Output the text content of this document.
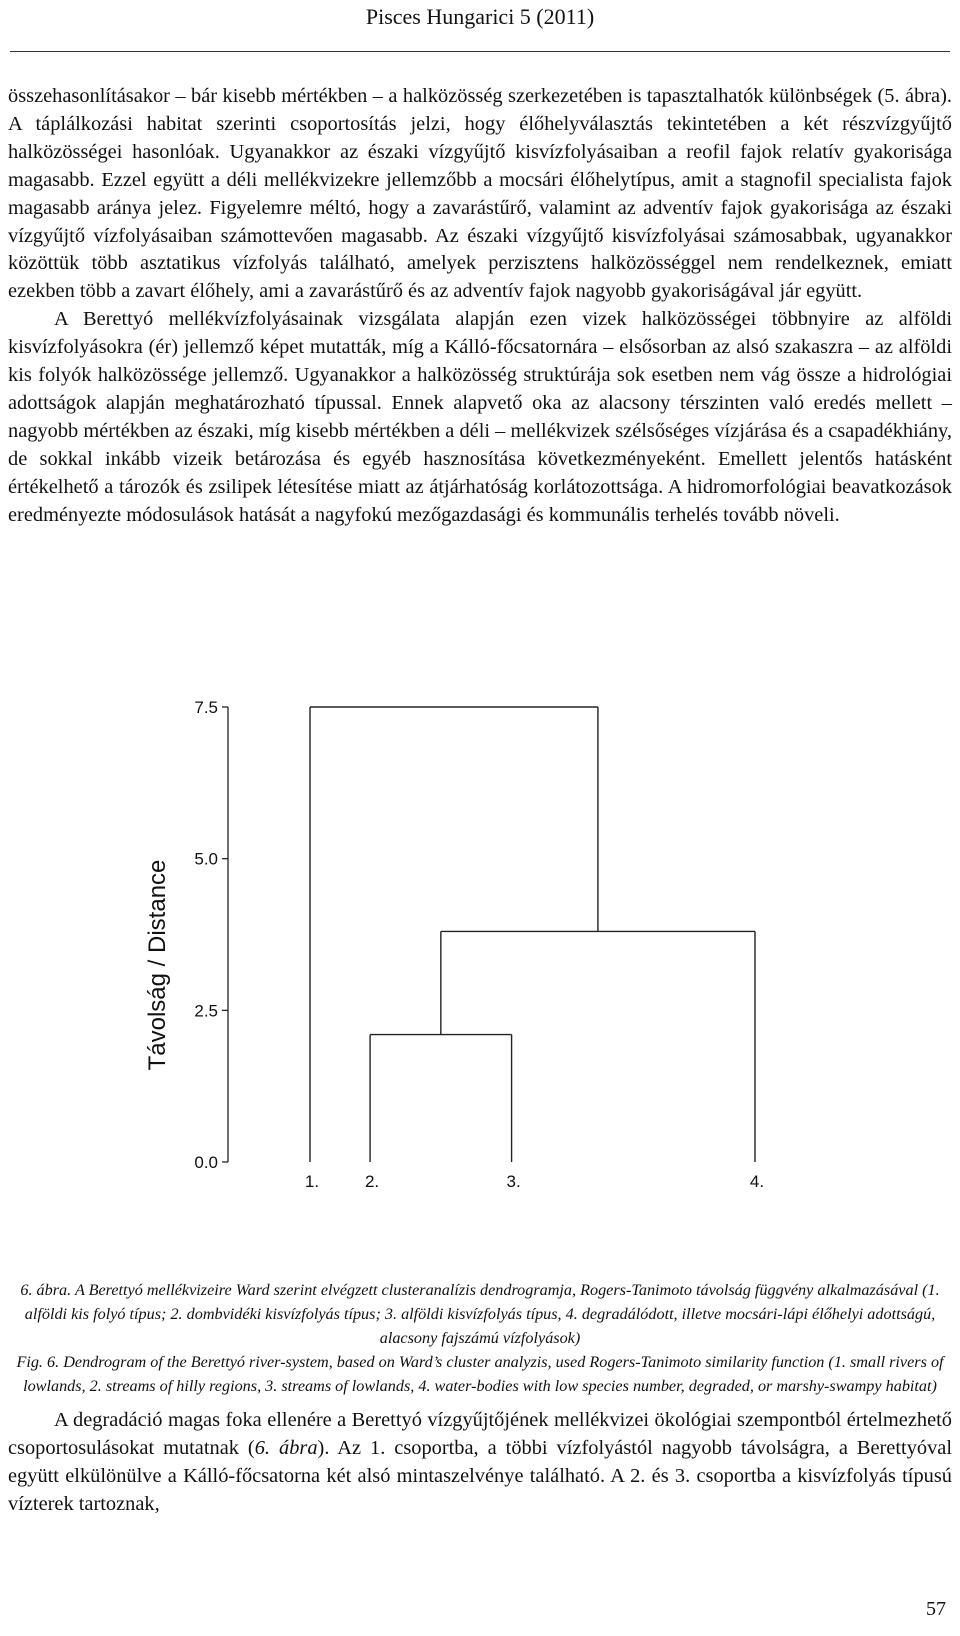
Pisces Hungarici 5 (2011)

összehasonlításakor – bár kisebb mértékben – a halközösség szerkezetében is tapasztalhatók különbségek (5. ábra). A táplálkozási habitat szerinti csoportosítás jelzi, hogy élőhelyválasztás tekintetében a két részvízgyűjtő halközösségei hasonlóak. Ugyanakkor az északi vízgyűjtő kisvízfolyásaiban a reofil fajok relatív gyakorisága magasabb. Ezzel együtt a déli mellékvizekre jellemzőbb a mocsári élőhelytípus, amit a stagnofil specialista fajok magasabb aránya jelez. Figyelemre méltó, hogy a zavarástűrő, valamint az adventív fajok gyakorisága az északi vízgyűjtő vízfolyásaiban számottevően magasabb. Az északi vízgyűjtő kisvízfolyásai számosabbak, ugyanakkor közöttük több asztatikus vízfolyás található, amelyek perzisztens halközösséggel nem rendelkeznek, emiatt ezekben több a zavart élőhely, ami a zavarástűrő és az adventív fajok nagyobb gyakoriságával jár együtt.

A Berettyó mellékvízfolyásainak vizsgálata alapján ezen vizek halközösségei többnyire az alföldi kisvízfolyásokra (ér) jellemző képet mutatták, míg a Kálló-főcsatornára – elsősorban az alsó szakaszra – az alföldi kis folyók halközössége jellemző. Ugyanakkor a halközösség struktúrája sok esetben nem vág össze a hidrológiai adottságok alapján meghatározható típussal. Ennek alapvető oka az alacsony térszinten való eredés mellett – nagyobb mértékben az északi, míg kisebb mértékben a déli – mellékvizek szélsőséges vízjárása és a csapadékhiány, de sokkal inkább vizeik betározása és egyéb hasznosítása következményeként. Emellett jelentős hatásként értékelhető a tározók és zsilipek létesítése miatt az átjárhatóság korlátozottsága. A hidromorfológiai beavatkozások eredményezte módosulások hatását a nagyfokú mezőgazdasági és kommunális terhelés tovább növeli.

0.0
2.5
5.0
7.5
1.	2.	3.	4.
Távolság / Distance

6. ábra. A Berettyó mellékvizeire Ward szerint elvégzett clusteranalízis dendrogramja, Rogers-Tanimoto távolság függvény alkalmazásával (1. alföldi kis folyó típus; 2. dombvidéki kisvízfolyás típus; 3. alföldi kisvízfolyás típus, 4. degradálódott, illetve mocsári-lápi élőhelyi adottságú, alacsony fajszámú vízfolyások)

Fig. 6. Dendrogram of the Berettyó river-system, based on Ward’s cluster analyzis, used Rogers-Tanimoto similarity function (1. small rivers of lowlands, 2. streams of hilly regions, 3. streams of lowlands, 4. water-bodies with low species number, degraded, or marshy-swampy habitat)

A degradáció magas foka ellenére a Berettyó vízgyűjtőjének mellékvizei ökológiai szempontból értelmezhető csoportosulásokat mutatnak (6. ábra). Az 1. csoportba, a többi vízfolyástól nagyobb távolságra, a Berettyóval együtt elkülönülve a Kálló-főcsatorna két alsó mintaszelvénye található. A 2. és 3. csoportba a kisvízfolyás típusú vízterek tartoznak,

57
